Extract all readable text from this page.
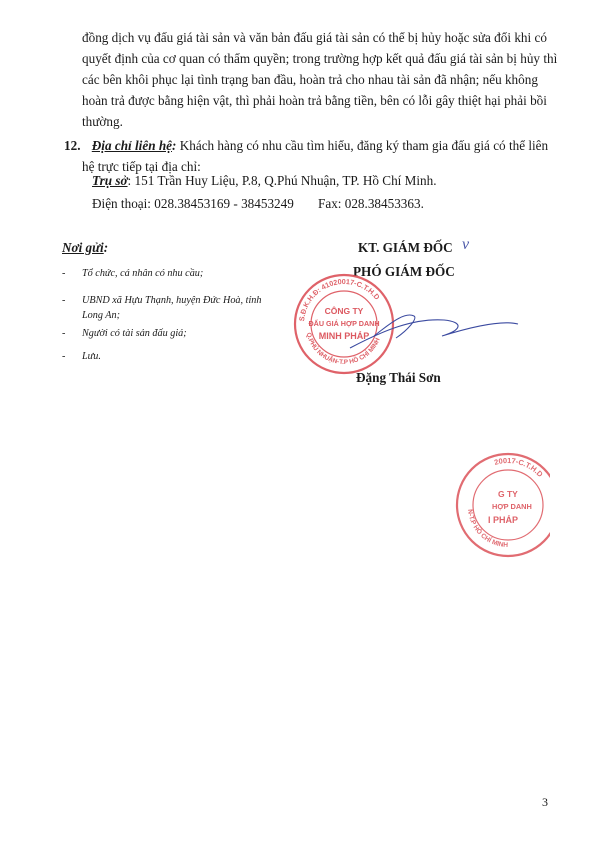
đồng dịch vụ đấu giá tài sản và văn bản đấu giá tài sản có thể bị hủy hoặc sửa đổi khi có
quyết định của cơ quan có thẩm quyền; trong trường hợp kết quả đấu giá tài sản bị hủy thì
các bên khôi phục lại tình trạng ban đầu, hoàn trả cho nhau tài sản đã nhận; nếu không
hoàn trả được bằng hiện vật, thì phải hoàn trả bằng tiền, bên có lỗi gây thiệt hại phải bồi
thường.
12. Địa chỉ liên hệ: Khách hàng có nhu cầu tìm hiểu, đăng ký tham gia đấu giá có thể liên
hệ trực tiếp tại địa chỉ:
Trụ sở: 151 Trần Huy Liệu, P.8, Q.Phú Nhuận, TP. Hồ Chí Minh.
Điện thoại: 028.38453169 - 38453249 Fax: 028.38453363.
Nơi gửi:
- Tổ chức, cá nhân có nhu cầu;
- UBND xã Hựu Thạnh, huyện Đức Hoà, tỉnh
Long An;
- Người có tài sản đấu giá;
- Lưu.
KT. GIÁM ĐỐC ν
PHÓ GIÁM ĐỐC
S.Đ.K.H.Đ: 41020017-C.T.H.D
Q.PHÚ NHUẬN-T.P HỒ CHÍ MINH
CÔNG TY
ĐẤU GIÁ HỢP DANH
MINH PHÁP
Đặng Thái Sơn
20017-C.T.H.D
N-T.P HỒ CHÍ MINH
G TY
HỢP DANH
I PHÁP
3
